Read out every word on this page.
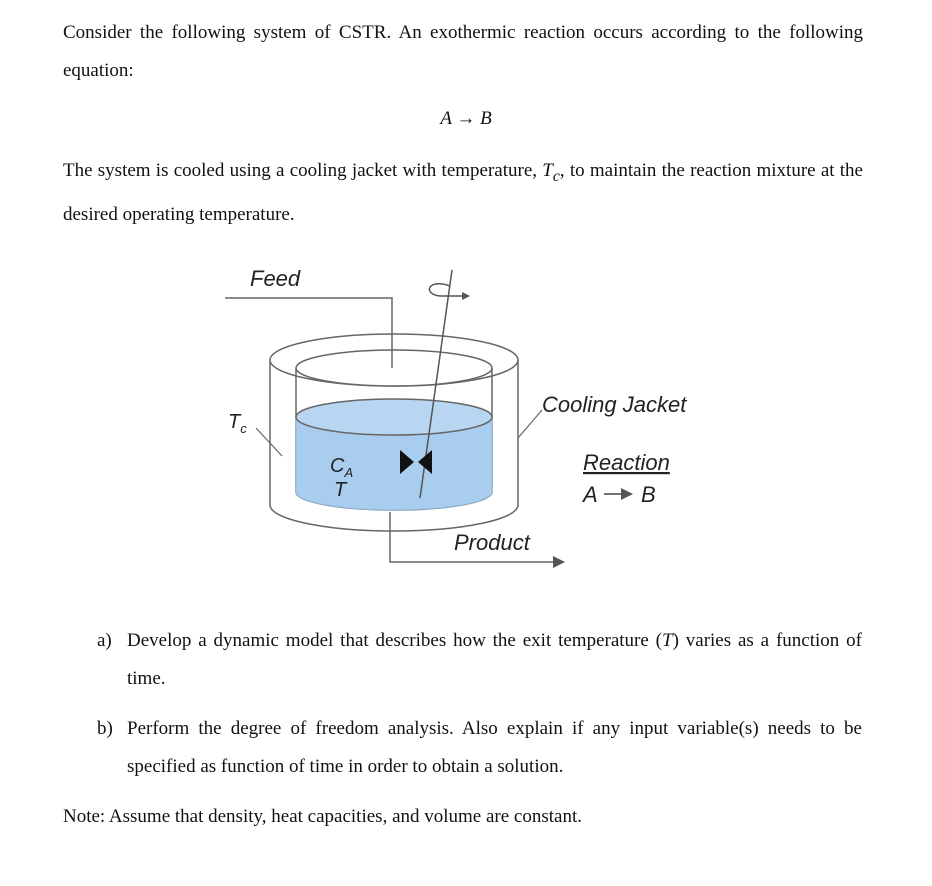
Consider the following system of CSTR. An exothermic reaction occurs according to the following equation:

A → B

The system is cooled using a cooling jacket with temperature, $T_c$, to maintain the reaction mixture at the desired operating temperature.

Feed
$T_c$
$C_A$
T
Cooling Jacket
Reaction
A B
Product
a) Develop a dynamic model that describes how the exit temperature (T) varies as a function of time.
b) Perform the degree of freedom analysis. Also explain if any input variable(s) needs to be specified as function of time in order to obtain a solution.

Note: Assume that density, heat capacities, and volume are constant.
